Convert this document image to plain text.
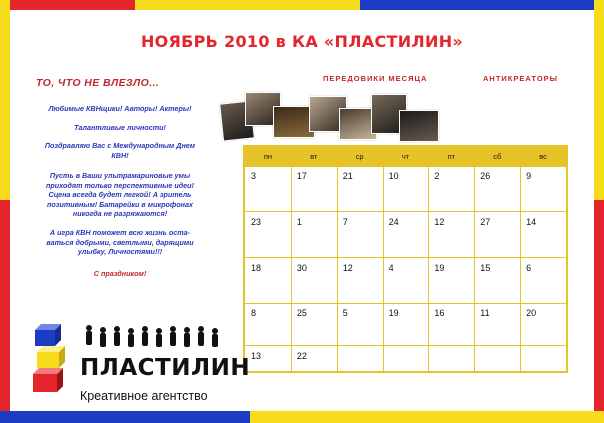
НОЯБРЬ 2010 в КА «ПЛАСТИЛИН»
ПЕРЕДОВИКИ МЕСЯЦА	АНТИКРЕАТОРЫ
ТО, ЧТО НЕ ВЛЕЗЛО...
Любимые КВНщики! Авторы! Актеры!
Талантливые личности!
Поздравляю Вас с Международным Днем
КВН!
Пусть в Ваши ультрамариновые умы
приходят только перспективные идеи!
Сцена всегда будет легкой! А зритель
позитивным! Батарейки в микрофонах
никогда не разряжаются!
А игра КВН поможет всю жизнь оста-
ваться добрыми, светлыми, дарящими
улыбку, Личностями!!!
С праздником!
пн	вт	ср	чт	пт	сб	вс
3	17	21	10	2	26	9
23	1	7	24	12	27	14
18	30	12	4	19	15	6
8	25	5	19	16	11	20
13	22
ПЛАСТИЛИН
Креативное агентство
